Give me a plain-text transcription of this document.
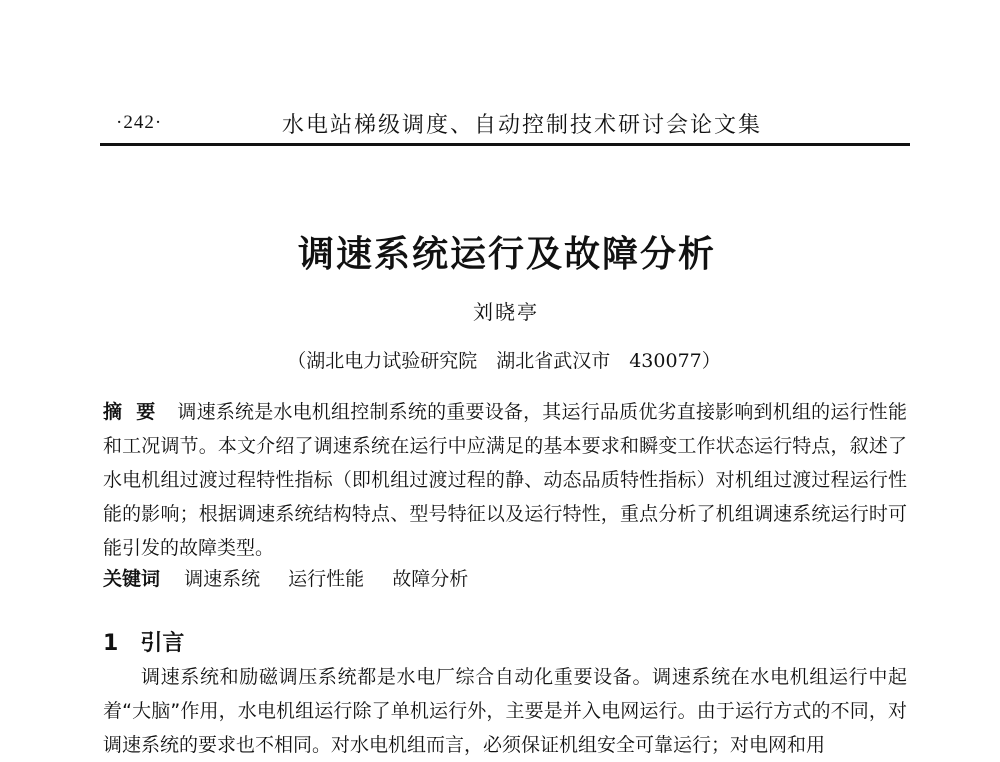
·242·	水电站梯级调度、自动控制技术研讨会论文集
调速系统运行及故障分析
刘晓亭
（湖北电力试验研究院　湖北省武汉市　430077）
摘要 调速系统是水电机组控制系统的重要设备，其运行品质优劣直接影响到机组的运行性能和工况调节。本文介绍了调速系统在运行中应满足的基本要求和瞬变工作状态运行特点，叙述了水电机组过渡过程特性指标（即机组过渡过程的静、动态品质特性指标）对机组过渡过程运行性能的影响；根据调速系统结构特点、型号特征以及运行特性，重点分析了机组调速系统运行时可能引发的故障类型。
关键词 调速系统 运行性能 故障分析
1 引言
调速系统和励磁调压系统都是水电厂综合自动化重要设备。调速系统在水电机组运行中起着“大脑”作用，水电机组运行除了单机运行外，主要是并入电网运行。由于运行方式的不同，对调速系统的要求也不相同。对水电机组而言，必须保证机组安全可靠运行；对电网和用
